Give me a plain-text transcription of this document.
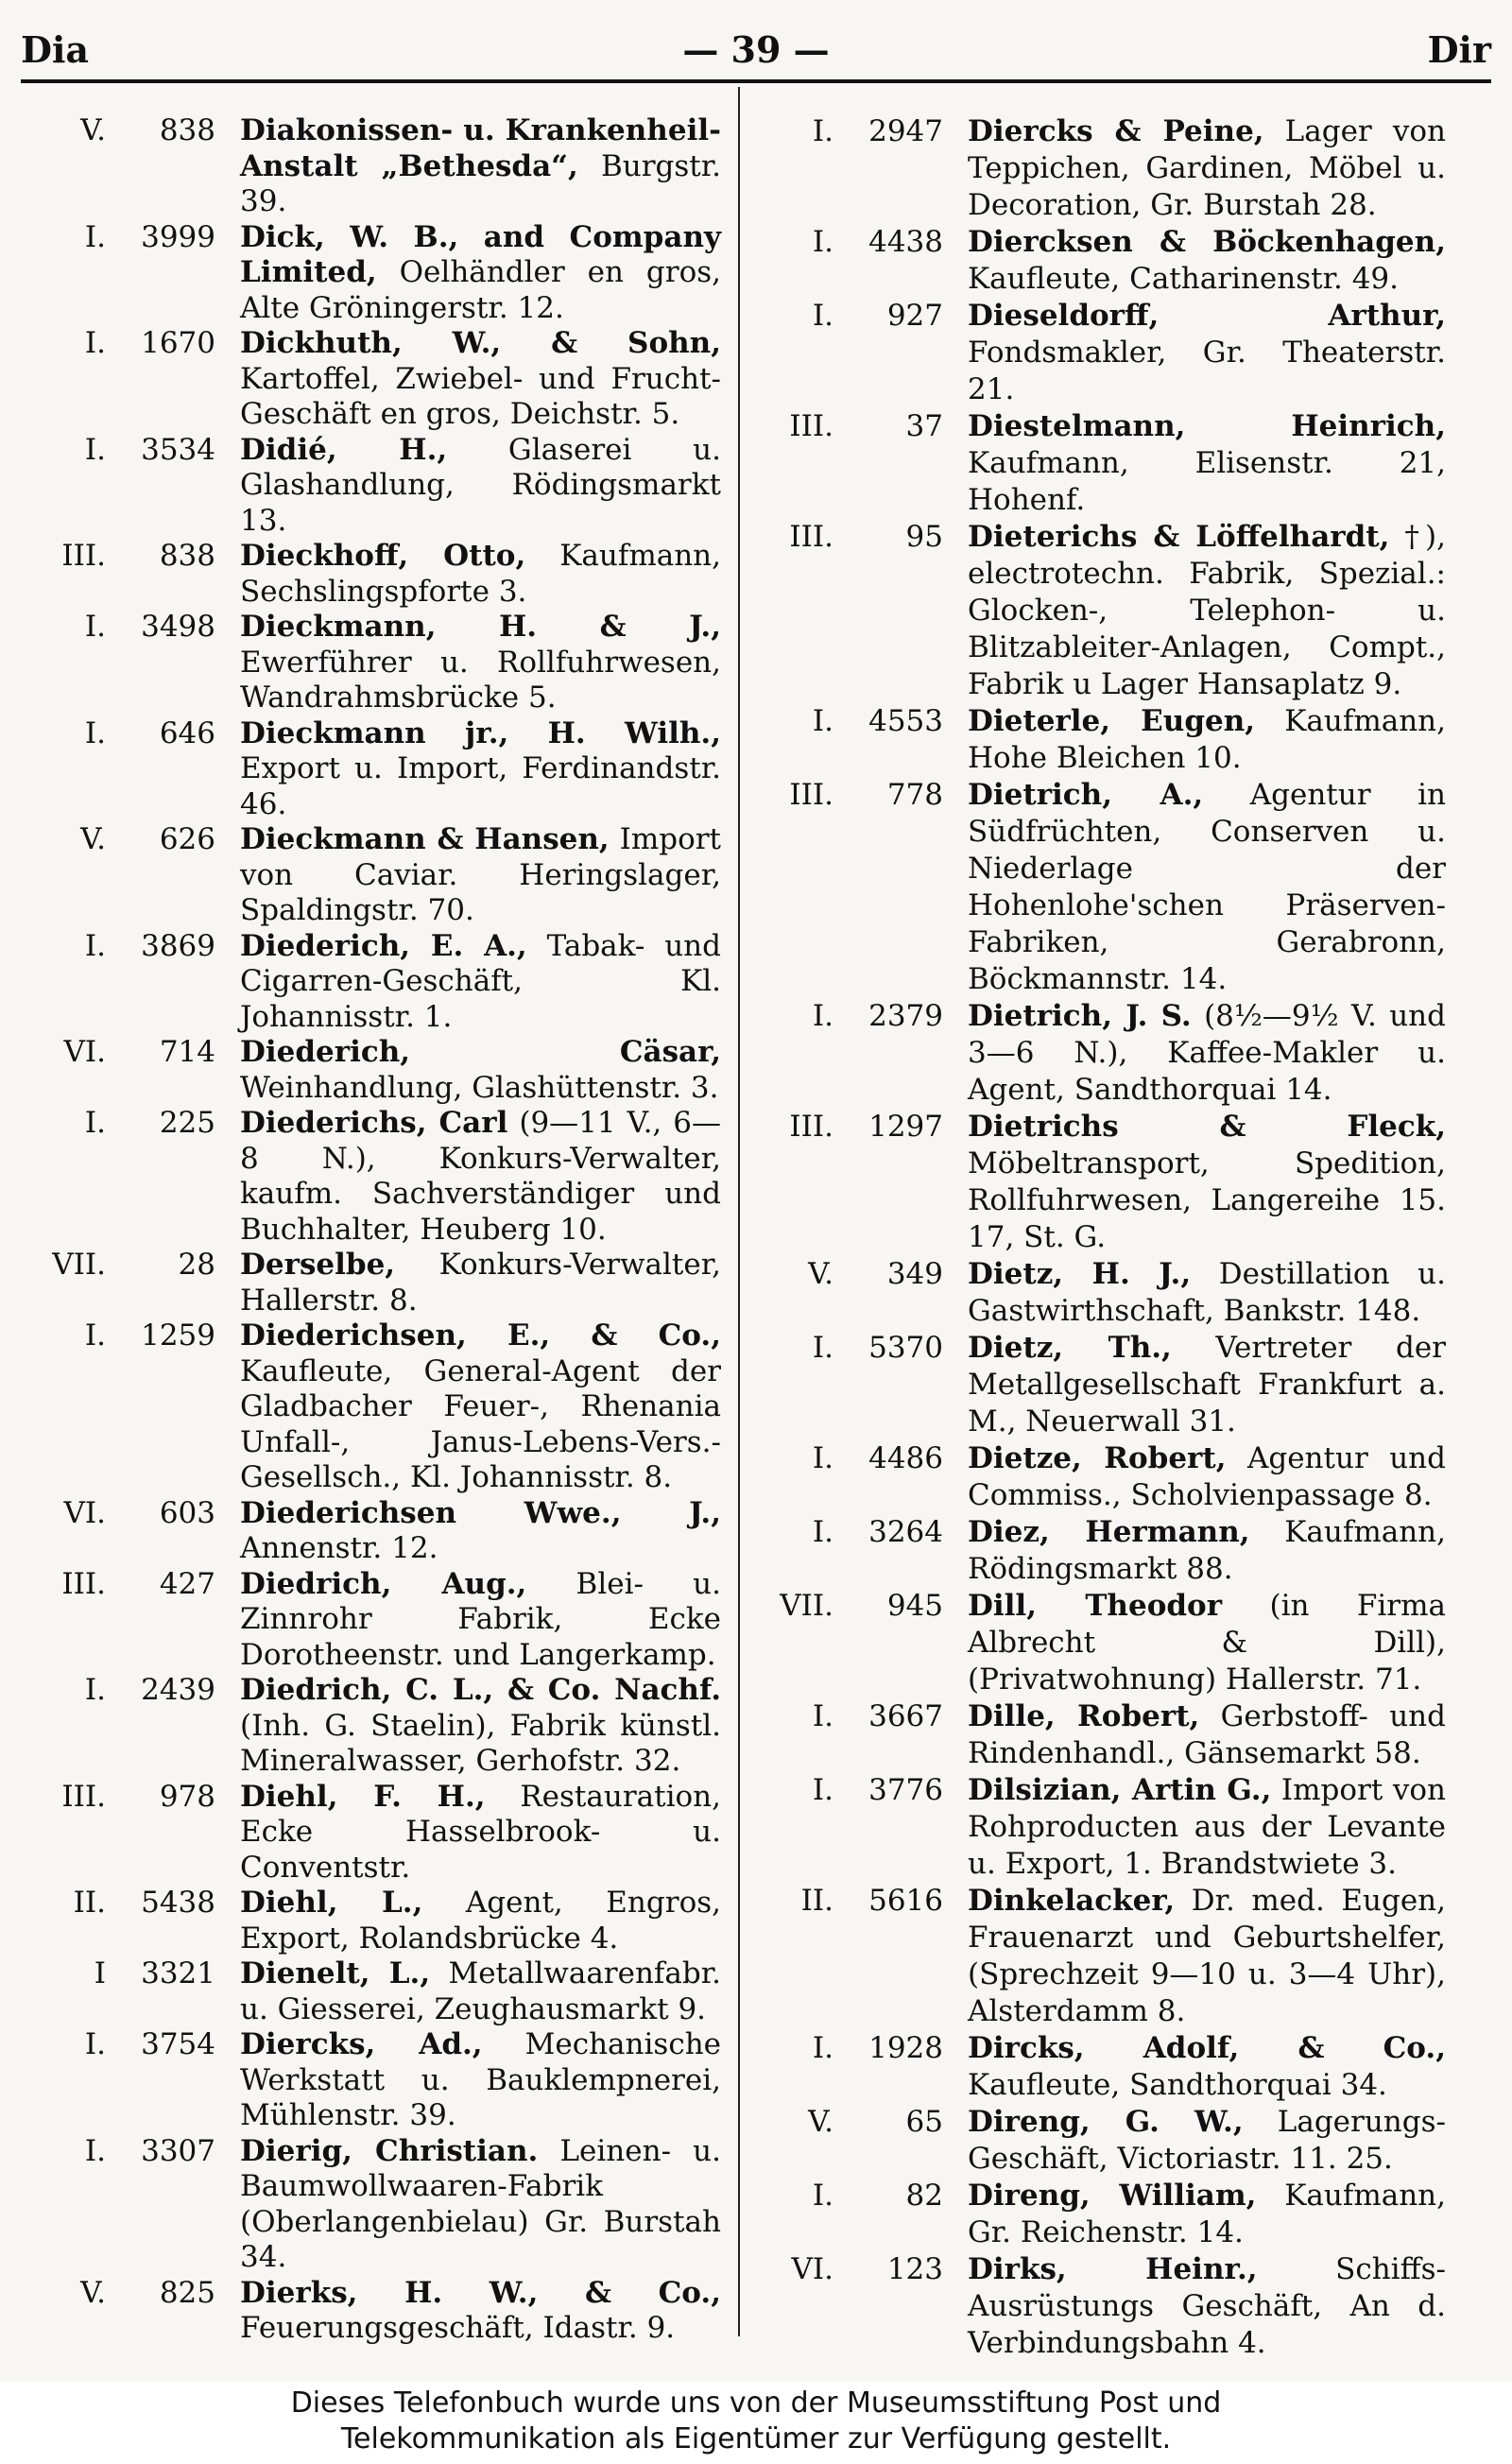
Dia	— 39 —	Dir
V.	838 Diakonissen- u. Krankenheil-Anstalt „Bethesda“, Burgstr. 39.
I.	3999 Dick, W. B., and Company Limited, Oelhändler en gros, Alte Gröningerstr. 12.
I.	1670 Dickhuth, W., & Sohn, Kartoffel, Zwiebel- und Frucht-Geschäft en gros, Deichstr. 5.
I.	3534 Didié, H., Glaserei u. Glashandlung, Rödingsmarkt 13.
III.	838 Dieckhoff, Otto, Kaufmann, Sechslingspforte 3.
I.	3498 Dieckmann, H. & J., Ewerführer u. Rollfuhrwesen, Wandrahmsbrücke 5.
I.	646 Dieckmann jr., H. Wilh., Export u. Import, Ferdinandstr. 46.
V.	626 Dieckmann & Hansen, Import von Caviar. Heringslager, Spaldingstr. 70.
I.	3869 Diederich, E. A., Tabak- und Cigarren-Geschäft, Kl. Johannisstr. 1.
VI.	714 Diederich, Cäsar, Weinhandlung, Glashüttenstr. 3.
I.	225 Diederichs, Carl (9—11 V., 6—8 N.), Konkurs-Verwalter, kaufm. Sachverständiger und Buchhalter, Heuberg 10.
VII.	28 Derselbe, Konkurs-Verwalter, Hallerstr. 8.
I.	1259 Diederichsen, E., & Co., Kaufleute, General-Agent der Gladbacher Feuer-, Rhenania Unfall-, Janus-Lebens-Vers.-Gesellsch., Kl. Johannisstr. 8.
VI.	603 Diederichsen Wwe., J., Annenstr. 12.
III.	427 Diedrich, Aug., Blei- u. Zinnrohr Fabrik, Ecke Dorotheenstr. und Langerkamp.
I.	2439 Diedrich, C. L., & Co. Nachf. (Inh. G. Staelin), Fabrik künstl. Mineralwasser, Gerhofstr. 32.
III.	978 Diehl, F. H., Restauration, Ecke Hasselbrook- u. Conventstr.
II.	5438 Diehl, L., Agent, Engros, Export, Rolandsbrücke 4.
I	3321 Dienelt, L., Metallwaarenfabr. u. Giesserei, Zeughausmarkt 9.
I.	3754 Diercks, Ad., Mechanische Werkstatt u. Bauklempnerei, Mühlenstr. 39.
I.	3307 Dierig, Christian. Leinen- u. Baumwollwaaren-Fabrik (Oberlangenbielau) Gr. Burstah 34.
V.	825 Dierks, H. W., & Co., Feuerungsgeschäft, Idastr. 9.
I.	2947 Diercks & Peine, Lager von Teppichen, Gardinen, Möbel u. Decoration, Gr. Burstah 28.
I.	4438 Diercksen & Böckenhagen, Kaufleute, Catharinenstr. 49.
I.	927 Dieseldorff, Arthur, Fondsmakler, Gr. Theaterstr. 21.
III.	37 Diestelmann, Heinrich, Kaufmann, Elisenstr. 21, Hohenf.
III.	95 Dieterichs & Löffelhardt, †), electrotechn. Fabrik, Spezial.: Glocken-, Telephon- u. Blitzableiter-Anlagen, Compt., Fabrik u Lager Hansaplatz 9.
I.	4553 Dieterle, Eugen, Kaufmann, Hohe Bleichen 10.
III.	778 Dietrich, A., Agentur in Südfrüchten, Conserven u. Niederlage der Hohenlohe'schen Präserven-Fabriken, Gerabronn, Böckmannstr. 14.
I.	2379 Dietrich, J. S. (8½—9½ V. und 3—6 N.), Kaffee-Makler u. Agent, Sandthorquai 14.
III.	1297 Dietrichs & Fleck, Möbeltransport, Spedition, Rollfuhrwesen, Langereihe 15. 17, St. G.
V.	349 Dietz, H. J., Destillation u. Gastwirthschaft, Bankstr. 148.
I.	5370 Dietz, Th., Vertreter der Metallgesellschaft Frankfurt a. M., Neuerwall 31.
I.	4486 Dietze, Robert, Agentur und Commiss., Scholvienpassage 8.
I.	3264 Diez, Hermann, Kaufmann, Rödingsmarkt 88.
VII.	945 Dill, Theodor (in Firma Albrecht & Dill), (Privatwohnung) Hallerstr. 71.
I.	3667 Dille, Robert, Gerbstoff- und Rindenhandl., Gänsemarkt 58.
I.	3776 Dilsizian, Artin G., Import von Rohproducten aus der Levante u. Export, 1. Brandstwiete 3.
II.	5616 Dinkelacker, Dr. med. Eugen, Frauenarzt und Geburtshelfer, (Sprechzeit 9—10 u. 3—4 Uhr), Alsterdamm 8.
I.	1928 Dircks, Adolf, & Co., Kaufleute, Sandthorquai 34.
V.	65 Direng, G. W., Lagerungs-Geschäft, Victoriastr. 11. 25.
I.	82 Direng, William, Kaufmann, Gr. Reichenstr. 14.
VI.	123 Dirks, Heinr., Schiffs-Ausrüstungs Geschäft, An d. Verbindungsbahn 4.
Dieses Telefonbuch wurde uns von der Museumsstiftung Post und
Telekommunikation als Eigentümer zur Verfügung gestellt.
